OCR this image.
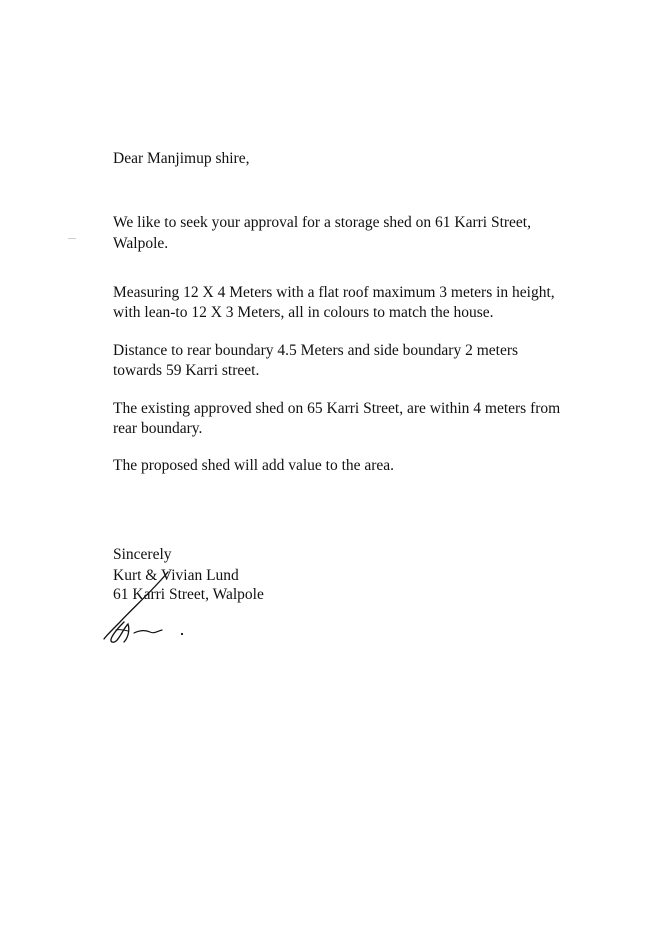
Dear Manjimup shire,

We like to seek your approval for a storage shed on 61 Karri Street,

Walpole.

Measuring 12 X 4 Meters with a flat roof maximum 3 meters in height,

with lean-to 12 X 3 Meters, all in colours to match the house.

Distance to rear boundary 4.5 Meters and side boundary 2 meters

towards 59 Karri street.

The existing approved shed on 65 Karri Street, are within 4 meters from

rear boundary.

The proposed shed will add value to the area.

Sincerely

Kurt & Vivian Lund

61 Karri Street, Walpole
